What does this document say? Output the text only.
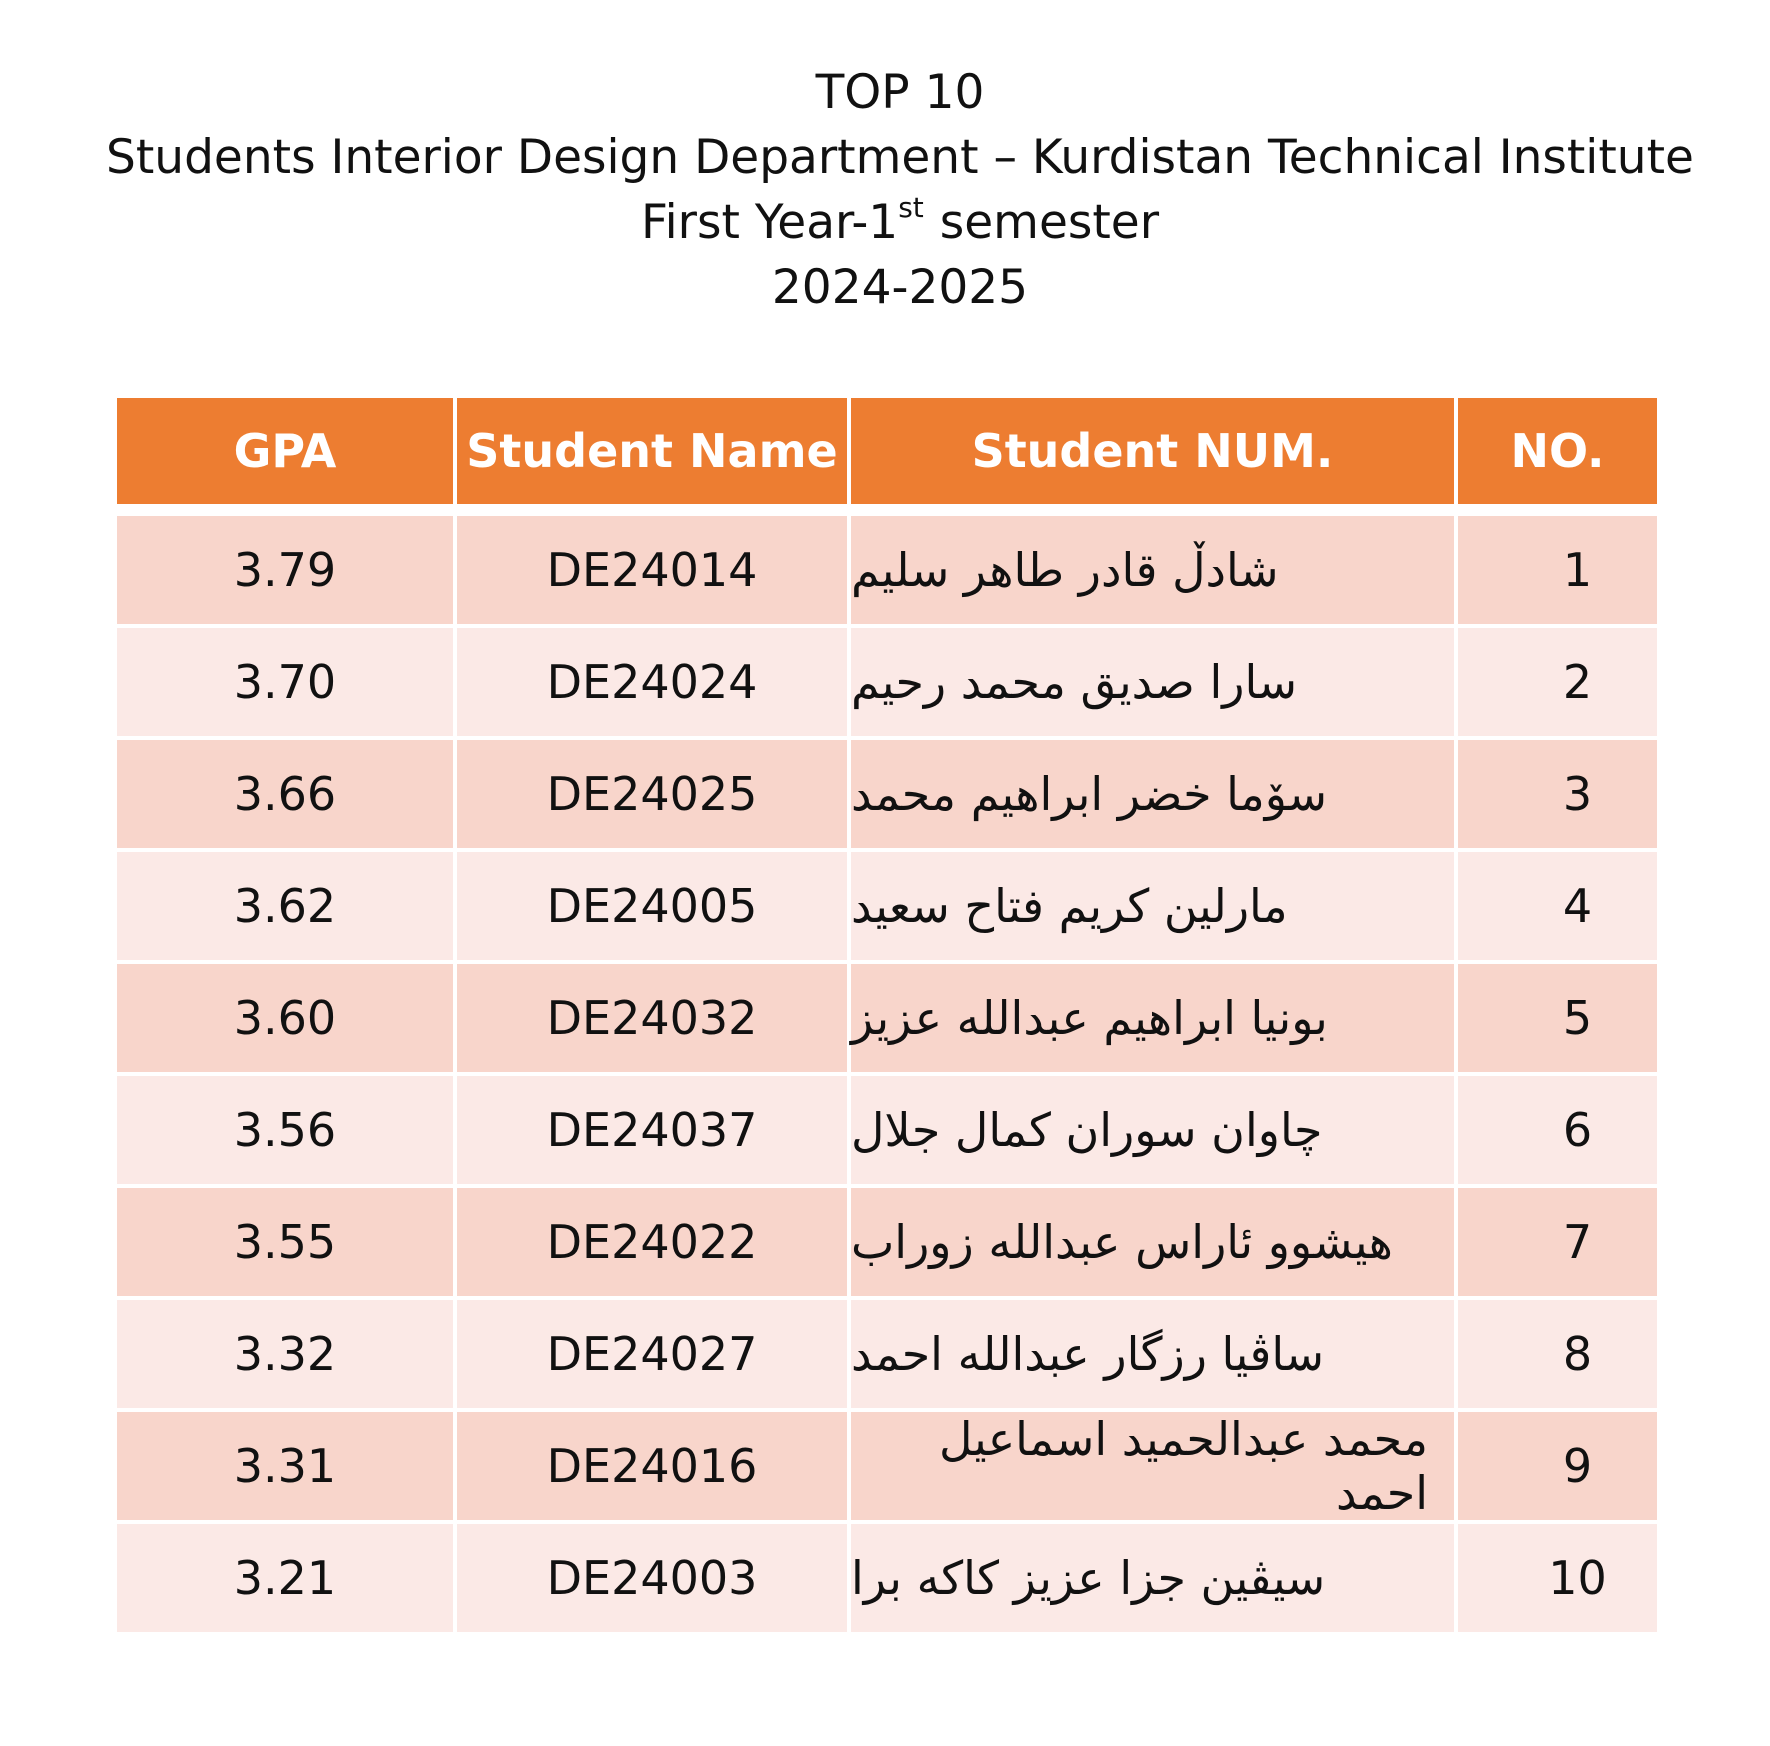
TOP 10
Students Interior Design Department – Kurdistan Technical Institute
First Year-1st semester
2024-2025
GPA	Student Name	Student NUM.	NO.
3.79	DE24014	شادڵ قادر طاهر سليم	1
3.70	DE24024	سارا صديق محمد رحيم	2
3.66	DE24025	سۆما خضر ابراهيم محمد	3
3.62	DE24005	مارلين كريم فتاح سعيد	4
3.60	DE24032	بونيا ابراهيم عبدالله عزيز	5
3.56	DE24037	چاوان سوران كمال جلال	6
3.55	DE24022	هيشوو ئاراس عبدالله زوراب	7
3.32	DE24027	ساڤيا رزگار عبدالله احمد	8
3.31	DE24016	محمد عبدالحميد اسماعيل احمد	9
3.21	DE24003	سيڤين جزا عزيز كاكه برا	10
